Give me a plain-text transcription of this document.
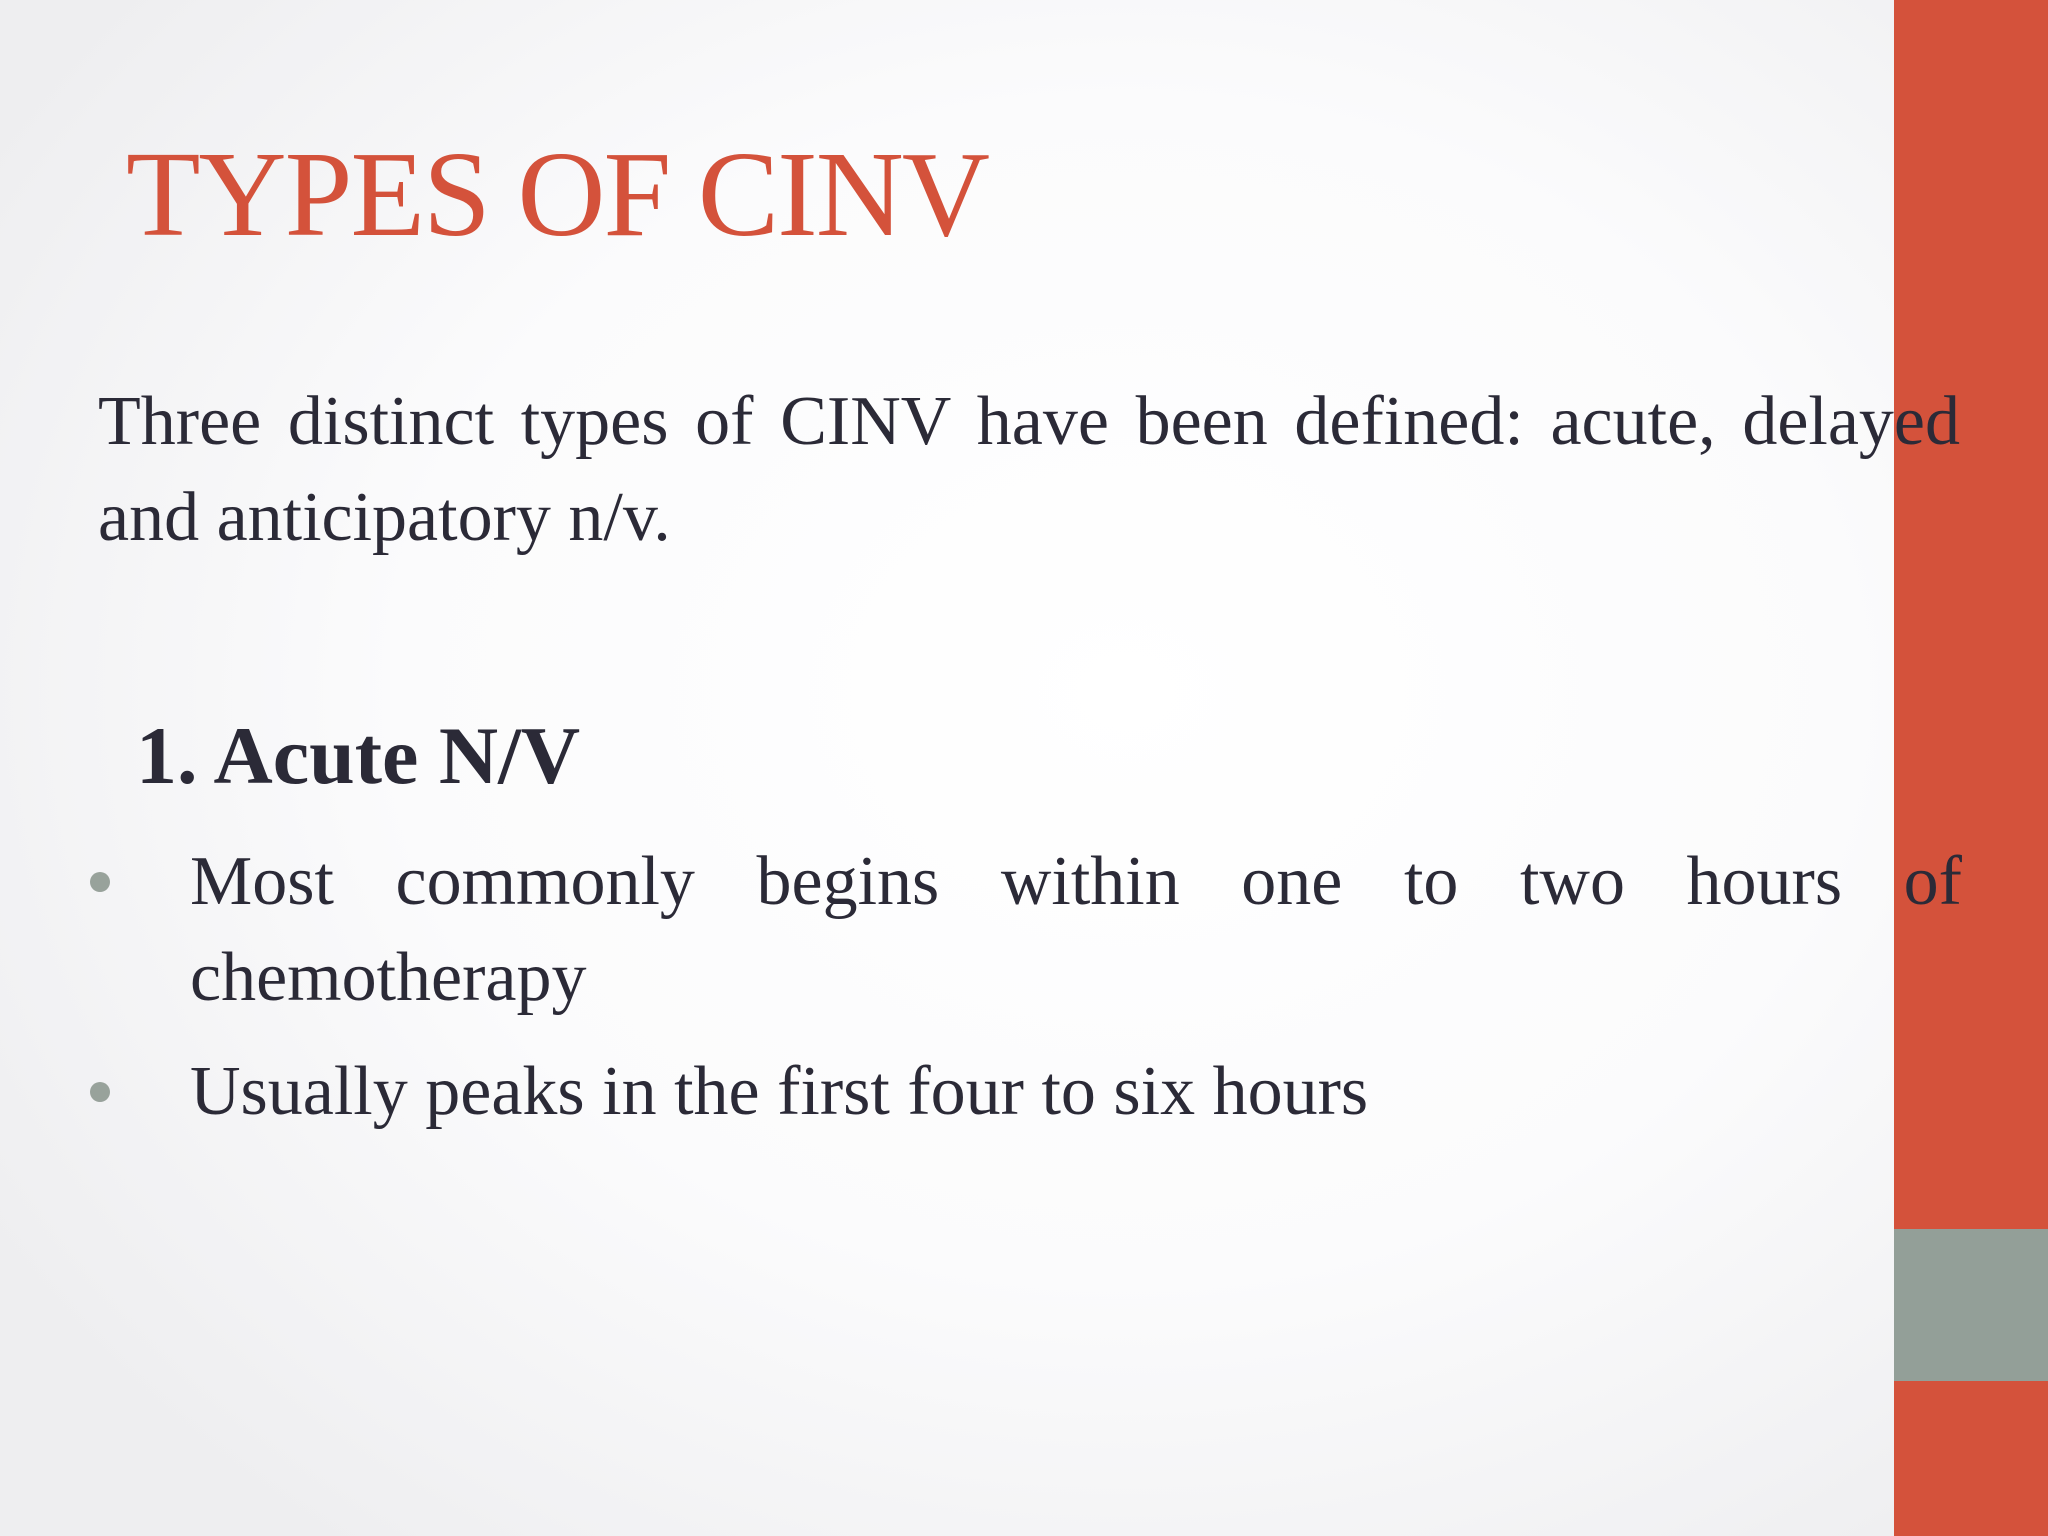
TYPES OF CINV

Three distinct types of CINV have been defined: acute, delayed and anticipatory n/v.

1. Acute N/V
Most commonly begins within one to two hours of chemotherapy
Usually peaks in the first four to six hours
